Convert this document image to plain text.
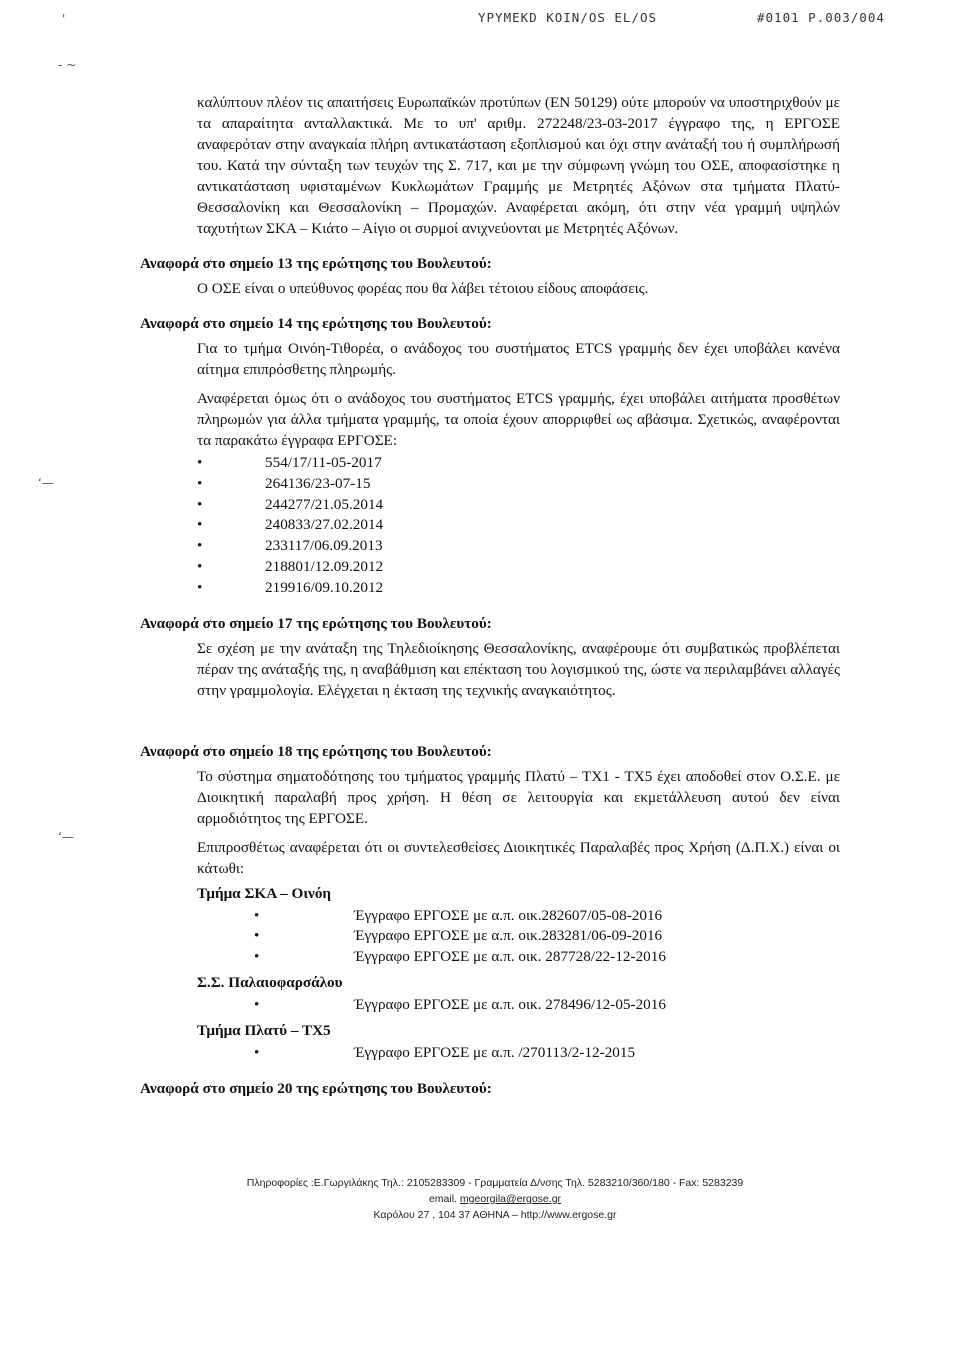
YPYMEKD KOIN/OS EL/OS	#0101 P.003/004
'
- ~
‘—
‘—

καλύπτουν πλέον τις απαιτήσεις Ευρωπαϊκών προτύπων (EN 50129) ούτε μπορούν να υποστηριχθούν με τα απαραίτητα ανταλλακτικά. Με το υπ' αριθμ. 272248/23-03-2017 έγγραφο της, η ΕΡΓΟΣΕ αναφερόταν στην αναγκαία πλήρη αντικατάσταση εξοπλισμού και όχι στην ανάταξή του ή συμπλήρωσή του. Κατά την σύνταξη των τευχών της Σ. 717, και με την σύμφωνη γνώμη του ΟΣΕ, αποφασίστηκε η αντικατάσταση υφισταμένων Κυκλωμάτων Γραμμής με Μετρητές Αξόνων στα τμήματα Πλατύ-Θεσσαλονίκη και Θεσσαλονίκη – Προμαχών. Αναφέρεται ακόμη, ότι στην νέα γραμμή υψηλών ταχυτήτων ΣΚΑ – Κιάτο – Αίγιο οι συρμοί ανιχνεύονται με Μετρητές Αξόνων.

Αναφορά στο σημείο 13 της ερώτησης του Βουλευτού:

Ο ΟΣΕ είναι ο υπεύθυνος φορέας που θα λάβει τέτοιου είδους αποφάσεις.

Αναφορά στο σημείο 14 της ερώτησης του Βουλευτού:

Για το τμήμα Οινόη-Τιθορέα, ο ανάδοχος του συστήματος ETCS γραμμής δεν έχει υποβάλει κανένα αίτημα επιπρόσθετης πληρωμής.

Αναφέρεται όμως ότι ο ανάδοχος του συστήματος ETCS γραμμής, έχει υποβάλει αιτήματα προσθέτων πληρωμών για άλλα τμήματα γραμμής, τα οποία έχουν απορριφθεί ως αβάσιμα. Σχετικώς, αναφέρονται τα παρακάτω έγγραφα ΕΡΓΟΣΕ:

• 554/17/11-05-2017
• 264136/23-07-15
• 244277/21.05.2014
• 240833/27.02.2014
• 233117/06.09.2013
• 218801/12.09.2012
• 219916/09.10.2012

Αναφορά στο σημείο 17 της ερώτησης του Βουλευτού:

Σε σχέση με την ανάταξη της Τηλεδιοίκησης Θεσσαλονίκης, αναφέρουμε ότι συμβατικώς προβλέπεται πέραν της ανάταξής της, η αναβάθμιση και επέκταση του λογισμικού της, ώστε να περιλαμβάνει αλλαγές στην γραμμολογία. Ελέγχεται η έκταση της τεχνικής αναγκαιότητος.

Αναφορά στο σημείο 18 της ερώτησης του Βουλευτού:

Το σύστημα σηματοδότησης του τμήματος γραμμής Πλατύ – ΤΧ1 - ΤΧ5 έχει αποδοθεί στον Ο.Σ.Ε. με Διοικητική παραλαβή προς χρήση. Η θέση σε λειτουργία και εκμετάλλευση αυτού δεν είναι αρμοδιότητος της ΕΡΓΟΣΕ.

Επιπροσθέτως αναφέρεται ότι οι συντελεσθείσες Διοικητικές Παραλαβές προς Χρήση (Δ.Π.Χ.) είναι οι κάτωθι:

Τμήμα ΣΚΑ – Οινόη

• Έγγραφο ΕΡΓΟΣΕ με α.π. οικ.282607/05-08-2016
• Έγγραφο ΕΡΓΟΣΕ με α.π. οικ.283281/06-09-2016
• Έγγραφο ΕΡΓΟΣΕ με α.π. οικ. 287728/22-12-2016

Σ.Σ. Παλαιοφαρσάλου

• Έγγραφο ΕΡΓΟΣΕ με α.π. οικ. 278496/12-05-2016

Τμήμα Πλατύ – ΤΧ5

• Έγγραφο ΕΡΓΟΣΕ με α.π. /270113/2-12-2015

Αναφορά στο σημείο 20 της ερώτησης του Βουλευτού:

Πληροφορίες :Ε.Γωργιλάκης Τηλ.: 2105283309 - Γραμματεία Δ/νσης Τηλ. 5283210/360/180 - Fax: 5283239
email. mgeorgila@ergose.gr
Καρόλου 27 , 104 37 ΑΘΗΝΑ – http://www.ergose.gr
